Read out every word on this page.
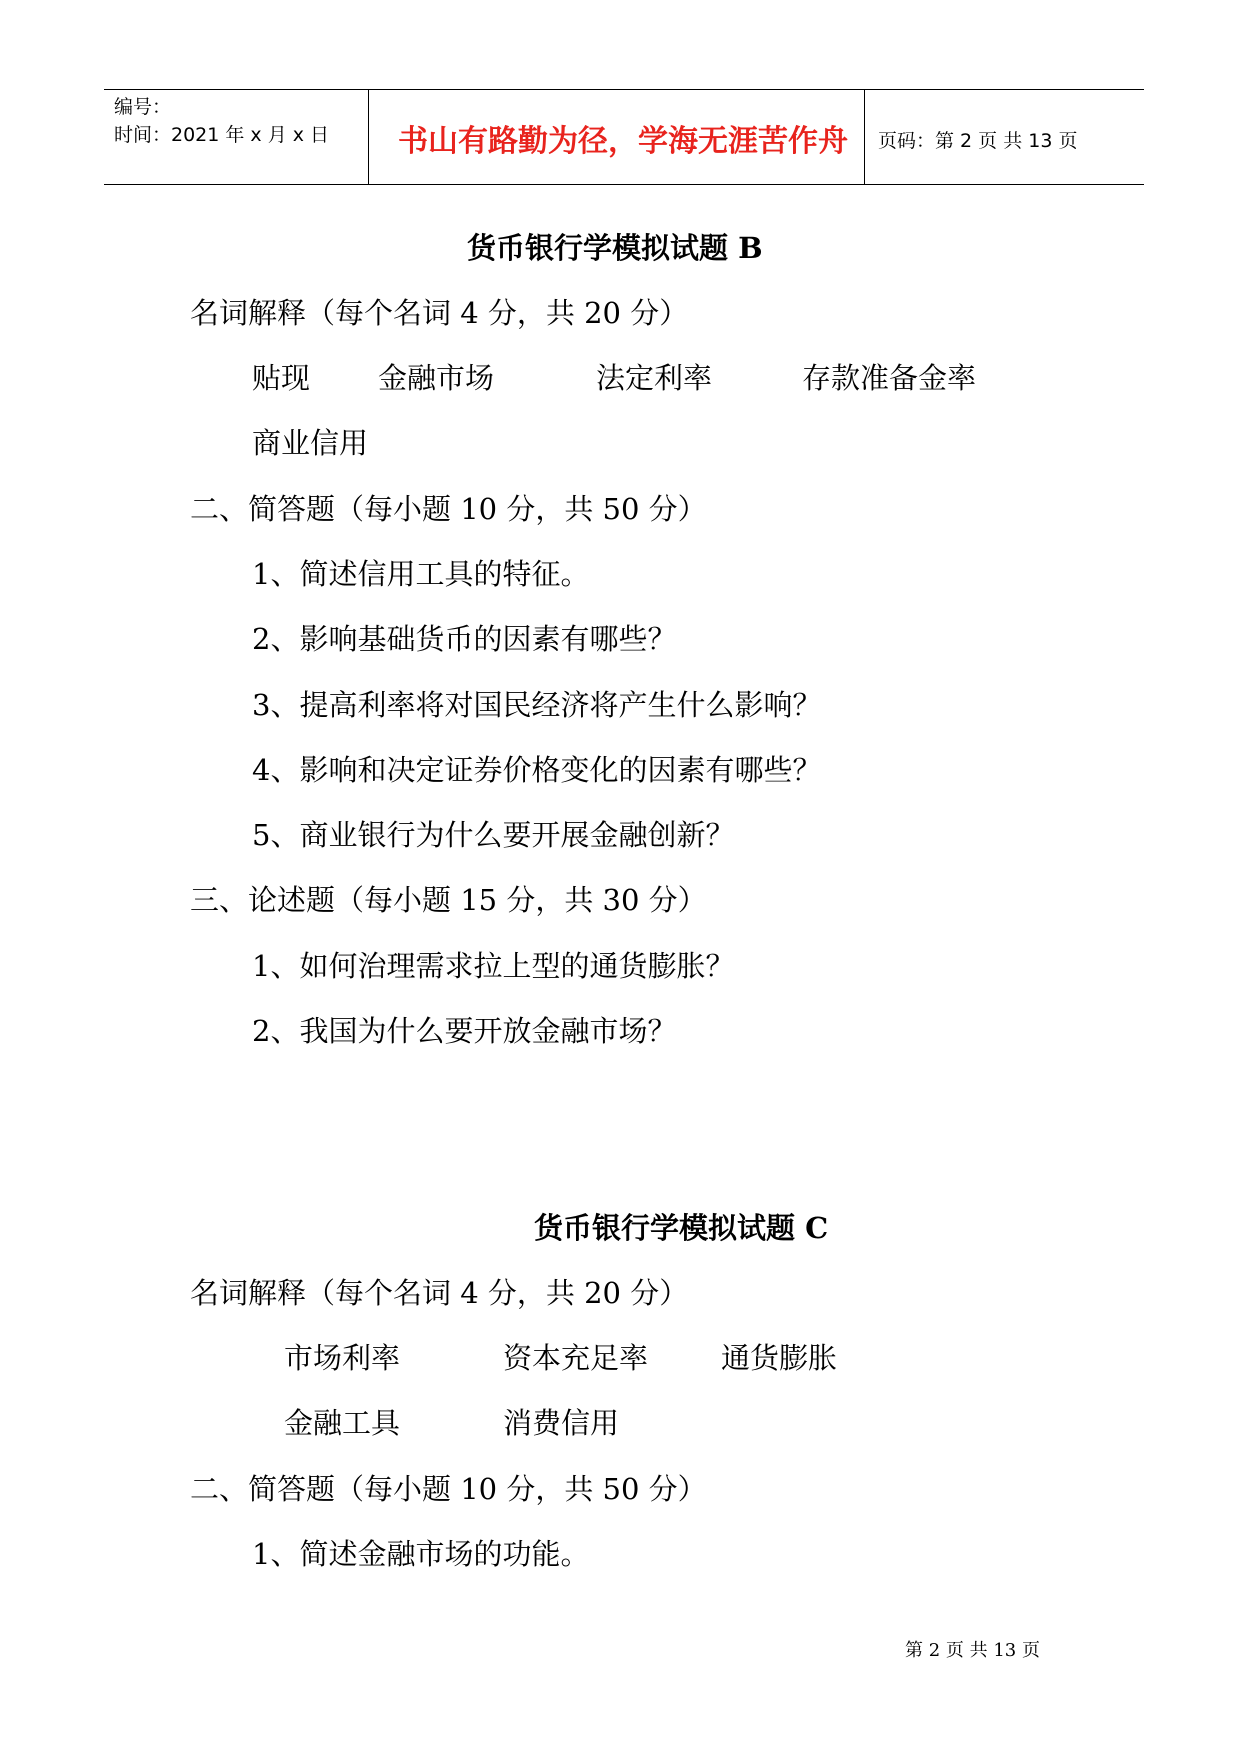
编号：
时间：2021 年 x 月 x 日 书山有路勤为径，学海无涯苦作舟 页码：第 2 页 共 13 页
货币银行学模拟试题 B
名词解释（每个名词 4 分，共 20 分）
贴现 金融市场	法定利率	存款准备金率
商业信用
二、简答题（每小题 10 分，共 50 分）
1、简述信用工具的特征。
2、影响基础货币的因素有哪些？
3、提高利率将对国民经济将产生什么影响？
4、影响和决定证券价格变化的因素有哪些？
5、商业银行为什么要开展金融创新？
三、论述题（每小题 15 分，共 30 分）
1、如何治理需求拉上型的通货膨胀？
2、我国为什么要开放金融市场？
货币银行学模拟试题 C
名词解释（每个名词 4 分，共 20 分）
市场利率	资本充足率	通货膨胀
金融工具	消费信用
二、简答题（每小题 10 分，共 50 分）
1、简述金融市场的功能。
第 2 页 共 13 页
